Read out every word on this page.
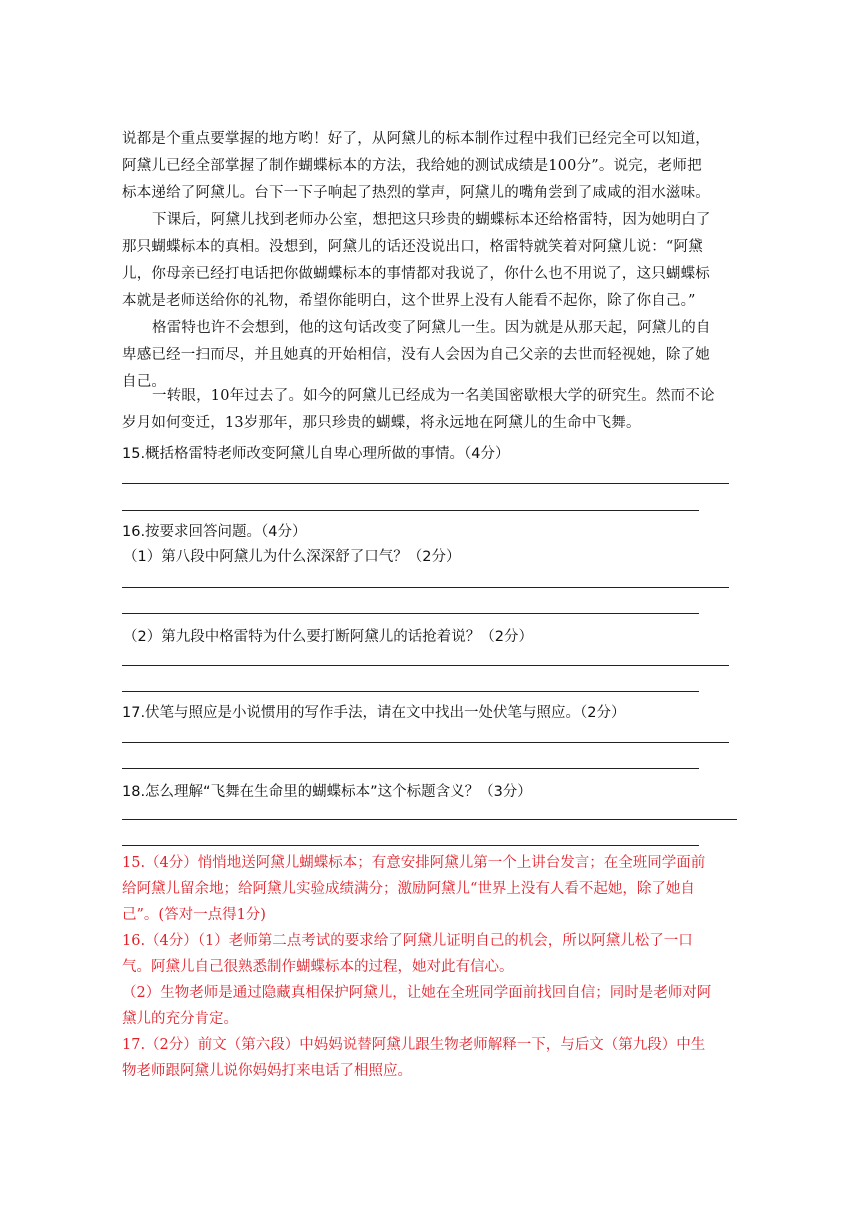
说都是个重点要掌握的地方哟！好了，从阿黛儿的标本制作过程中我们已经完全可以知道，
阿黛儿已经全部掌握了制作蝴蝶标本的方法，我给她的测试成绩是100分”。说完，老师把
标本递给了阿黛儿。台下一下子响起了热烈的掌声，阿黛儿的嘴角尝到了咸咸的泪水滋味。
下课后，阿黛儿找到老师办公室，想把这只珍贵的蝴蝶标本还给格雷特，因为她明白了
那只蝴蝶标本的真相。没想到，阿黛儿的话还没说出口，格雷特就笑着对阿黛儿说：“阿黛
儿，你母亲已经打电话把你做蝴蝶标本的事情都对我说了，你什么也不用说了，这只蝴蝶标
本就是老师送给你的礼物，希望你能明白，这个世界上没有人能看不起你，除了你自己。”
格雷特也许不会想到，他的这句话改变了阿黛儿一生。因为就是从那天起，阿黛儿的自
卑感已经一扫而尽，并且她真的开始相信，没有人会因为自己父亲的去世而轻视她，除了她
自己。
一转眼，10年过去了。如今的阿黛儿已经成为一名美国密歇根大学的研究生。然而不论
岁月如何变迁，13岁那年，那只珍贵的蝴蝶，将永远地在阿黛儿的生命中飞舞。
15.概括格雷特老师改变阿黛儿自卑心理所做的事情。（4分）
16.按要求回答问题。（4分）
（1）第八段中阿黛儿为什么深深舒了口气？（2分）
（2）第九段中格雷特为什么要打断阿黛儿的话抢着说？（2分）
17.伏笔与照应是小说惯用的写作手法，请在文中找出一处伏笔与照应。（2分）
18.怎么理解“飞舞在生命里的蝴蝶标本”这个标题含义？（3分）
15.（4分）悄悄地送阿黛儿蝴蝶标本；有意安排阿黛儿第一个上讲台发言；在全班同学面前
给阿黛儿留余地；给阿黛儿实验成绩满分；激励阿黛儿“世界上没有人看不起她，除了她自
己”。(答对一点得1分)
16.（4分）（1）老师第二点考试的要求给了阿黛儿证明自己的机会，所以阿黛儿松了一口
气。阿黛儿自己很熟悉制作蝴蝶标本的过程，她对此有信心。
（2）生物老师是通过隐藏真相保护阿黛儿，让她在全班同学面前找回自信；同时是老师对阿
黛儿的充分肯定。
17.（2分）前文（第六段）中妈妈说替阿黛儿跟生物老师解释一下，与后文（第九段）中生
物老师跟阿黛儿说你妈妈打来电话了相照应。
